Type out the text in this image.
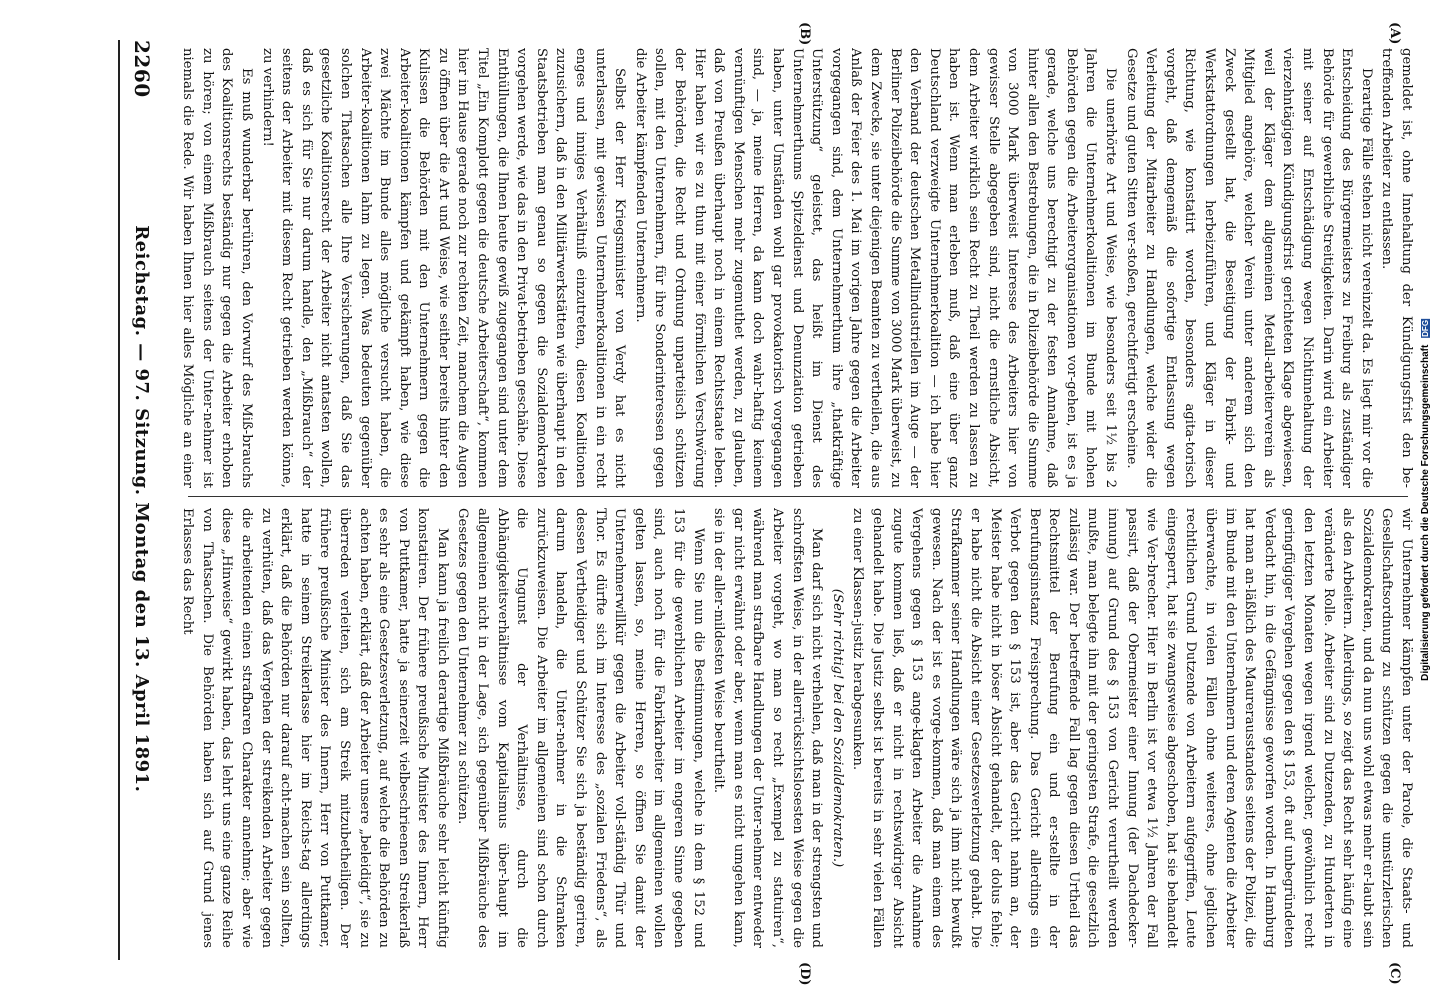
gemeldet ist, ohne Innehaltung der Kündigungsfrist den be-treffenden Arbeiter zu entlassen.

Derartige Fälle stehen nicht vereinzelt da. Es liegt mir vor die Entscheidung des Bürgermeisters zu Freiburg als zuständiger Behörde für gewerbliche Streitigkeiten. Darin wird ein Arbeiter mit seiner auf Entschädigung wegen Nichtinnehaltung der vierzehntägigen Kündigungsfrist gerichteten Klage abgewiesen, weil der Kläger dem allgemeinen Metall-arbeiterverein als Mitglied angehöre, welcher Verein unter anderem sich den Zweck gestellt hat, die Beseitigung der Fabrik- und Werkstattordnungen herbeizuführen, und Kläger in dieser Richtung, wie konstatirt worden, besonders agita-torisch vorgeht, daß demgemäß die sofortige Entlassung wegen Verleitung der Mitarbeiter zu Handlungen, welche wider die Gesetze und guten Sitten ver-stoßen, gerechtfertigt erscheine.

Die unerhörte Art und Weise, wie besonders seit 1½ bis 2 Jahren die Unternehmerkoalitionen im Bunde mit hohen Behörden gegen die Arbeiterorganisationen vor-gehen, ist es ja gerade, welche uns berechtigt zu der festen Annahme, daß hinter allen den Bestrebungen, die in Polizeibehörde die Summe von 3000 Mark überweist Interesse des Arbeiters hier von gewisser Stelle abgegeben sind, nicht die ernstliche Absicht, dem Arbeiter wirklich sein Recht zu Theil werden zu lassen zu haben ist. Wenn man erleben muß, daß eine über ganz Deutschland verzweigte Unternehmerkoalition — ich habe hier den Verband der deutschen Metallindustriellen im Auge — der Berliner Polizeibehörde die Summe von 3000 Mark überweist, zu dem Zwecke, sie unter diejenigen Beamten zu vertheilen, die aus Anlaß der Feier des 1. Mai im vorigen Jahre gegen die Arbeiter vorgegangen sind, dem Unternehmerthum ihre „thatkräftige Unterstützung“ geleistet, das heißt im Dienst des Unternehmerthums Spitzeldienst und Denunziation getrieben haben, unter Umständen wohl gar provokatorisch vorgegangen sind, — ja, meine Herren, da kann doch wahr-haftig keinem vernünftigen Menschen mehr zugemuthet werden, zu glauben, daß von Preußen überhaupt noch in einem Rechtsstaate leben. Hier haben wir es zu thun mit einer förmlichen Verschwörung der Behörden, die Recht und Ordnung unparteiisch schützen sollen, mit den Unternehmern, für ihre Sonderinteressen gegen die Arbeiter kämpfenden Unternehmern.

Selbst der Herr Kriegsminister von Verdy hat es nicht unterlassen, mit gewissen Unternehmerkoalitionen in ein recht enges und inniges Verhältniß einzutreten, diesen Koalitionen zuzusichern, daß in den Militärwerkstätten wie überhaupt in den Staatsbetrieben man genau so gegen die Sozialdemokraten vorgehen werde, wie das in den Privat-betrieben geschähe. Diese Enthüllungen, die Ihnen heute gewiß zugegangen sind unter dem Titel „Ein Komplott gegen die deutsche Arbeiterschaft“, kommen hier im Hause gerade noch zur rechten Zeit, manchem die Augen zu öffnen über die Art und Weise, wie seither bereits hinter den Kulissen die Behörden mit den Unternehmern gegen die Arbeiter-koalitionen kämpfen und gekämpft haben, wie diese zwei Mächte im Bunde alles mögliche versucht haben, die Arbeiter-koalitionen lahm zu legen. Was bedeuten gegenüber solchen Thatsachen alle Ihre Versicherungen, daß Sie das gesetzliche Koalitionsrecht der Arbeiter nicht antasten wollen, daß es sich für Sie nur darum handle, den „Mißbrauch“ der seitens der Arbeiter mit diesem Recht getrieben werden könne, zu verhindern!

Es muß wunderbar berühren, den Vorwurf des Miß-brauchs des Koalitionsrechts beständig nur gegen die Arbeiter erhoben zu hören; von einem Mißbrauch seitens der Unter-nehmer ist niemals die Rede. Wir haben Ihnen hier alles Mögliche an einer

wir Unternehmer kämpfen unter der Parole, die Staats- und Gesellschaftsordnung zu schützen gegen die umstürzlerischen Sozialdemokraten, und da nun uns wohl etwas mehr er-laubt sein als den Arbeitern. Allerdings, so zeigt das Recht sehr häufig eine veränderte Rolle. Arbeiter sind zu Dutzenden, zu Hunderten in den letzten Monaten wegen irgend welcher, gewöhnlich recht geringfügiger Vergehen gegen den § 153, oft auf unbegründeten Verdacht hin, in die Gefängnisse geworfen worden. In Hamburg hat man an-läßlich des Maurerausstandes seitens der Polizei, die im Bunde mit den Unternehmern und deren Agenten die Arbeiter überwachte, in vielen Fällen ohne weiteres, ohne jeglichen rechtlichen Grund Dutzende von Arbeitern aufgegriffen, Leute eingesperrt, hat sie zwangsweise abgeschoben, hat sie behandelt wie Ver-brecher. Hier in Berlin ist vor etwa 1½ Jahren der Fall passirt, daß der Obermeister einer Innung (der Dachdecker-innung) auf Grund des § 153 von Gericht verurtheilt werden mußte, man belegte ihn mit der geringsten Strafe, die gesetzlich zulässig war. Der betreffende Fall lag gegen diesen Urtheil das Rechtsmittel der Berufung ein und er-stellte in der Berufungsinstanz Freisprechung. Das Gericht allerdings ein Verbot gegen den § 153 ist, aber das Gericht nahm an, der Meister habe nicht in böser Absicht gehandelt, der dolus fehle; er habe nicht die Absicht einer Gesetzesverletzung gehabt. Die Strafkammer seiner Handlungen wäre sich ja ihm nicht bewußt gewesen. Nach der ist es vorge-kommen, daß man einem des Vergehens gegen § 153 ange-klagten Arbeiter die Annahme zugute kommen ließ, daß er nicht in rechtswidriger Absicht gehandelt habe. Die Justiz selbst ist bereits in sehr vielen Fällen zu einer Klassen-justiz herabgesunken.

(Sehr richtig! bei den Sozialdemokraten.)

Man darf sich nicht verhehlen, daß man in der strengsten und schroffsten Weise, in der allerrücksichtslosesten Weise gegen die Arbeiter vorgeht, wo man so recht „Exempel zu statuiren“, während man strafbare Handlungen der Unter-nehmer entweder gar nicht erwähnt oder aber, wenn man es nicht umgehen kann, sie in der aller-mildesten Weise beurtheilt.

Wenn Sie nun die Bestimmungen, welche in dem § 152 und 153 für die gewerblichen Arbeiter im engeren Sinne gegeben sind, auch noch für die Fabrikarbeiter im allgemeinen wollen gelten lassen, so, meine Herren, so öffnen Sie damit der Unternehmerwillkür gegen die Arbeiter voll-ständig Thür und Thor. Es dürfte sich im Interesse des „sozialen Friedens“, als dessen Vertheidiger und Schützer Sie sich ja beständig geriren, darum handeln, die Unter-nehmer in die Schranken zurückzuweisen. Die Arbeiter im allgemeinen sind schon durch die Ungunst der Verhältnisse, durch die Abhängigkeitsverhältnisse vom Kapitalismus über-haupt im allgemeinen nicht in der Lage, sich gegenüber Mißbräuche des Gesetzes gegen den Unternehmer zu schützen.

Man kann ja freilich derartige Mißbräuche sehr leicht künftig konstatiren. Der frühere preußische Minister des Innern, Herr von Puttkamer, hatte ja seinerzeit vielbeschrieenen Streikerlaß es sehr als eine Gesetzesverletzung, auf welche die Behörden zu achten haben, erklärt, daß der Arbeiter unsere „beleidigt“, sie zu überreden verleiten, sich am Streik mitzubetheiligen. Der frühere preußische Minister des Innern, Herr von Puttkamer, hatte in seinem Streikerlasse hier im Reichs-tag allerdings erklärt, daß die Behörden nur darauf acht-machen sein sollten, zu verhüten, daß das Vergehen der streikenden Arbeiter gegen die arbeitenden einen strafbaren Charakter annehme; aber wie diese „Hinweise“ gewirkt haben, das lehrt uns eine ganze Reihe von Thatsachen. Die Behörden haben sich auf Grund jenes Erlasses das Recht

(A)
(B)
(C)
(D)
2260
Reichstag. — 97. Sitzung. Montag den 13. April 1891.	Digitalisierung gefördert durch die Deutsche Forschungsgemeinschaft DFG
